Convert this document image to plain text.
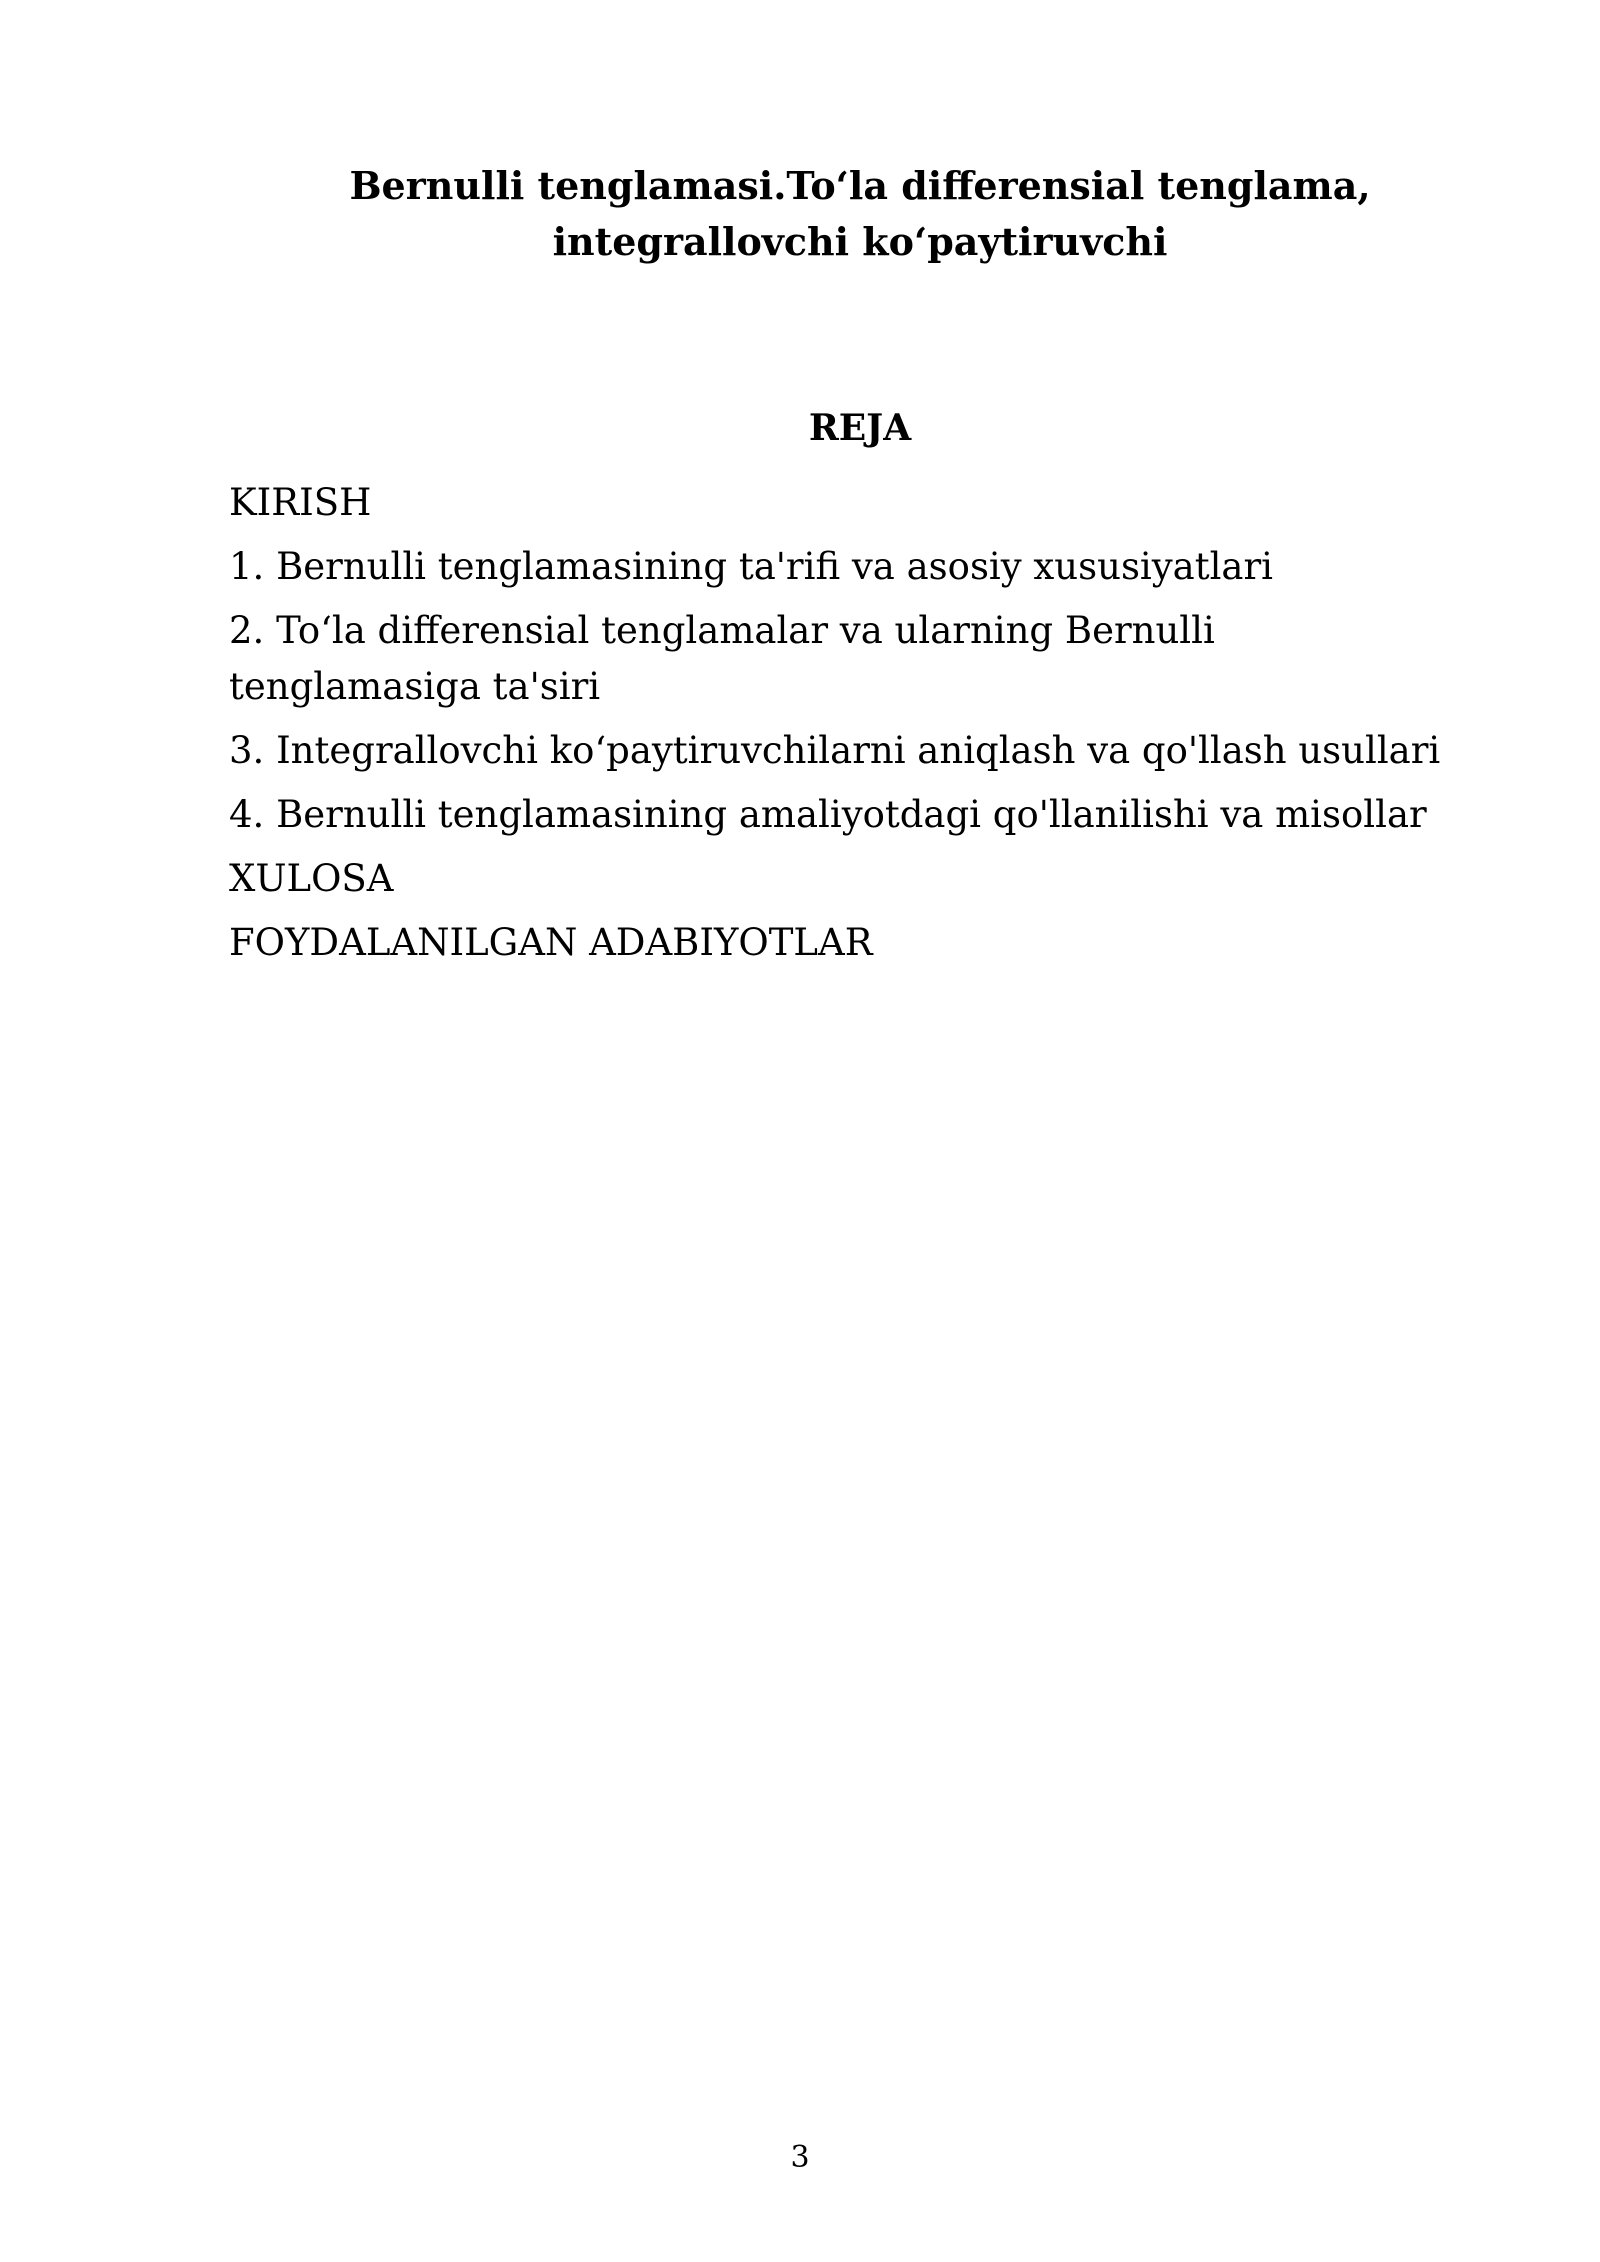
Bernulli tenglamasi.To‘la differensial tenglama,
integrallovchi ko‘paytiruvchi
REJA
KIRISH
1. Bernulli tenglamasining ta'rifi va asosiy xususiyatlari
2. To‘la differensial tenglamalar va ularning Bernulli
tenglamasiga ta'siri
3. Integrallovchi ko‘paytiruvchilarni aniqlash va qo'llash usullari
4. Bernulli tenglamasining amaliyotdagi qo'llanilishi va misollar
XULOSA
FOYDALANILGAN ADABIYOTLAR

3
